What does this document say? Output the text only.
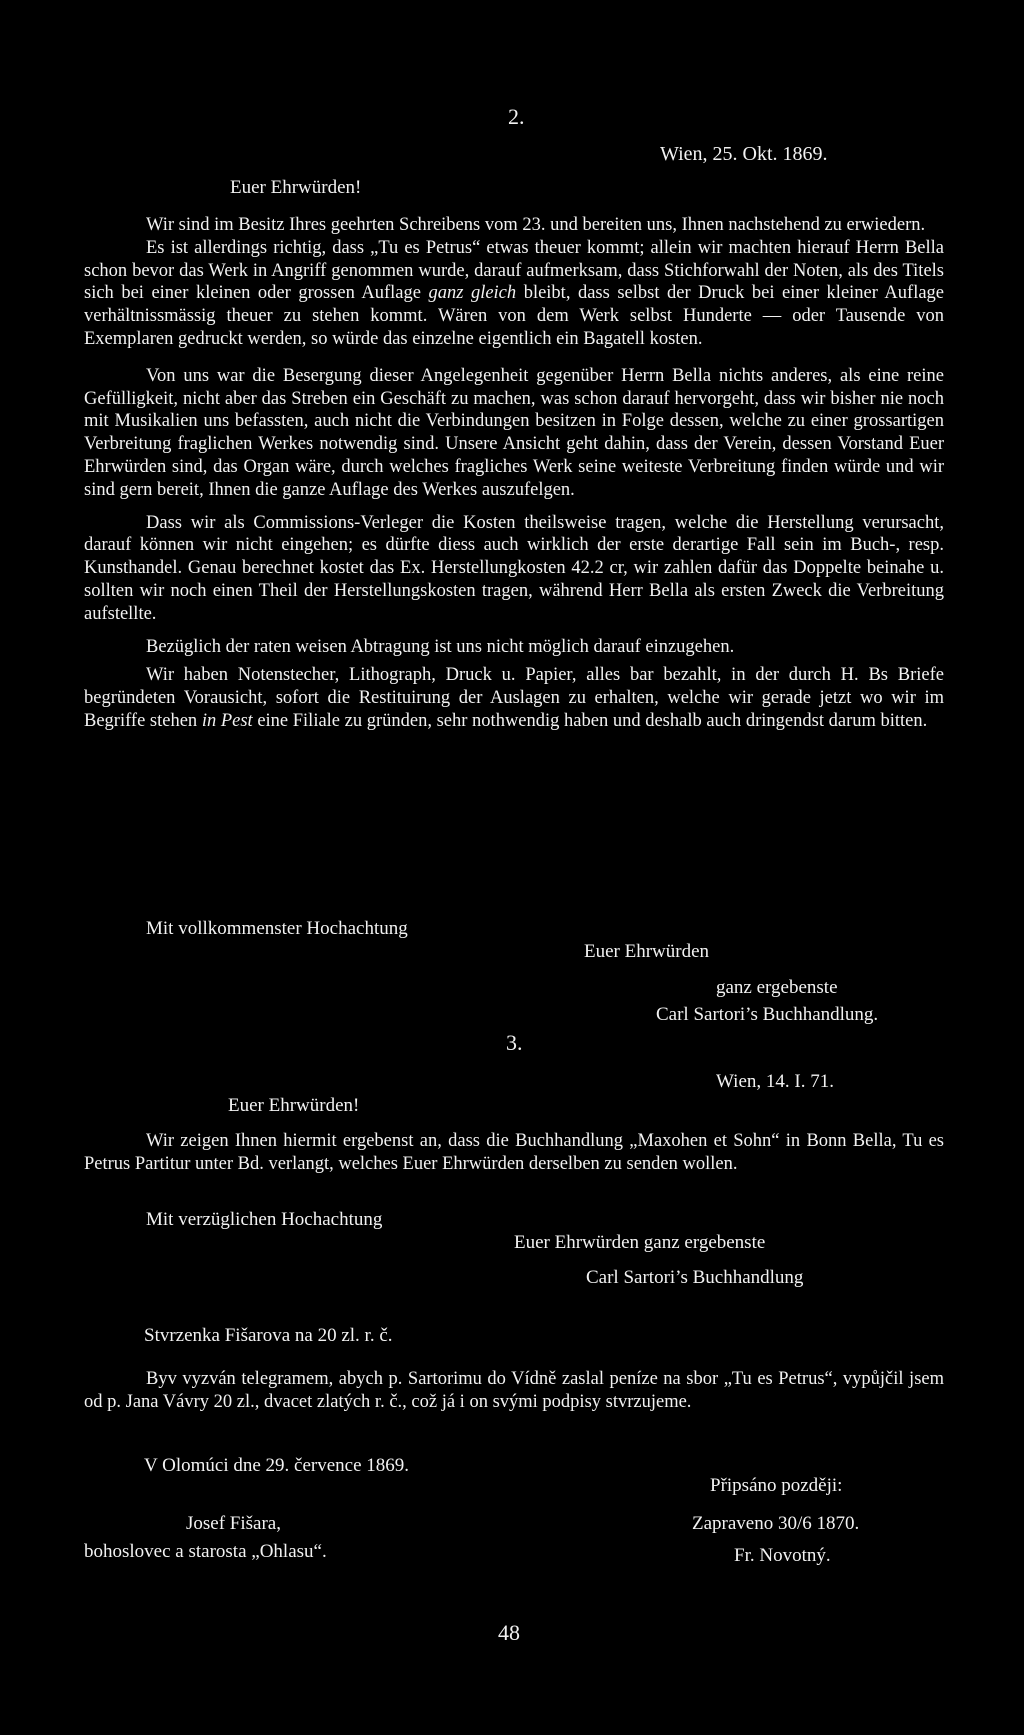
2.
Wien, 25. Okt. 1869.
Euer Ehrwürden!

Wir sind im Besitz Ihres geehrten Schreibens vom 23. und bereiten uns, Ihnen nachstehend zu erwiedern.

Es ist allerdings richtig, dass „Tu es Petrus“ etwas theuer kommt; allein wir machten hierauf Herrn Bella schon bevor das Werk in Angriff genommen wurde, darauf aufmerksam, dass Stichforwahl der Noten, als des Titels sich bei einer kleinen oder grossen Auflage ganz gleich bleibt, dass selbst der Druck bei einer kleiner Auflage verhältnissmässig theuer zu stehen kommt. Wären von dem Werk selbst Hunderte — oder Tausende von Exemplaren gedruckt werden, so würde das einzelne eigentlich ein Bagatell kosten.

Von uns war die Besergung dieser Angelegenheit gegenüber Herrn Bella nichts anderes, als eine reine Gefülligkeit, nicht aber das Streben ein Geschäft zu machen, was schon darauf hervorgeht, dass wir bisher nie noch mit Musikalien uns befassten, auch nicht die Verbindungen besitzen in Folge dessen, welche zu einer grossartigen Verbreitung fraglichen Werkes notwendig sind. Unsere Ansicht geht dahin, dass der Verein, dessen Vorstand Euer Ehrwürden sind, das Organ wäre, durch welches fragliches Werk seine weiteste Verbreitung finden würde und wir sind gern bereit, Ihnen die ganze Auflage des Werkes auszufelgen.

Dass wir als Commissions-Verleger die Kosten theilsweise tragen, welche die Herstellung verursacht, darauf können wir nicht eingehen; es dürfte diess auch wirklich der erste derartige Fall sein im Buch-, resp. Kunsthandel. Genau berechnet kostet das Ex. Herstellungkosten 42.2 cr, wir zahlen dafür das Doppelte beinahe u. sollten wir noch einen Theil der Herstellungskosten tragen, während Herr Bella als ersten Zweck die Verbreitung aufstellte.

Bezüglich der raten weisen Abtragung ist uns nicht möglich darauf einzugehen.

Wir haben Notenstecher, Lithograph, Druck u. Papier, alles bar bezahlt, in der durch H. Bs Briefe begründeten Vorausicht, sofort die Restituirung der Auslagen zu erhalten, welche wir gerade jetzt wo wir im Begriffe stehen in Pest eine Filiale zu gründen, sehr nothwendig haben und deshalb auch dringendst darum bitten.

Mit vollkommenster Hochachtung
Euer Ehrwürden
ganz ergebenste
Carl Sartori’s Buchhandlung.
3.
Wien, 14. I. 71.
Euer Ehrwürden!

Wir zeigen Ihnen hiermit ergebenst an, dass die Buchhandlung „Maxohen et Sohn“ in Bonn Bella, Tu es Petrus Partitur unter Bd. verlangt, welches Euer Ehrwürden derselben zu senden wollen.

Mit verzüglichen Hochachtung
Euer Ehrwürden ganz ergebenste
Carl Sartori’s Buchhandlung
Stvrzenka Fišarova na 20 zl. r. č.

Byv vyzván telegramem, abych p. Sartorimu do Vídně zaslal peníze na sbor „Tu es Petrus“, vypůjčil jsem od p. Jana Vávry 20 zl., dvacet zlatých r. č., což já i on svými podpisy stvrzujeme.

V Olomúci dne 29. července 1869.
Připsáno později:
Zapraveno 30/6 1870.
Fr. Novotný.
Josef Fišara,
bohoslovec a starosta „Ohlasu“.
48
